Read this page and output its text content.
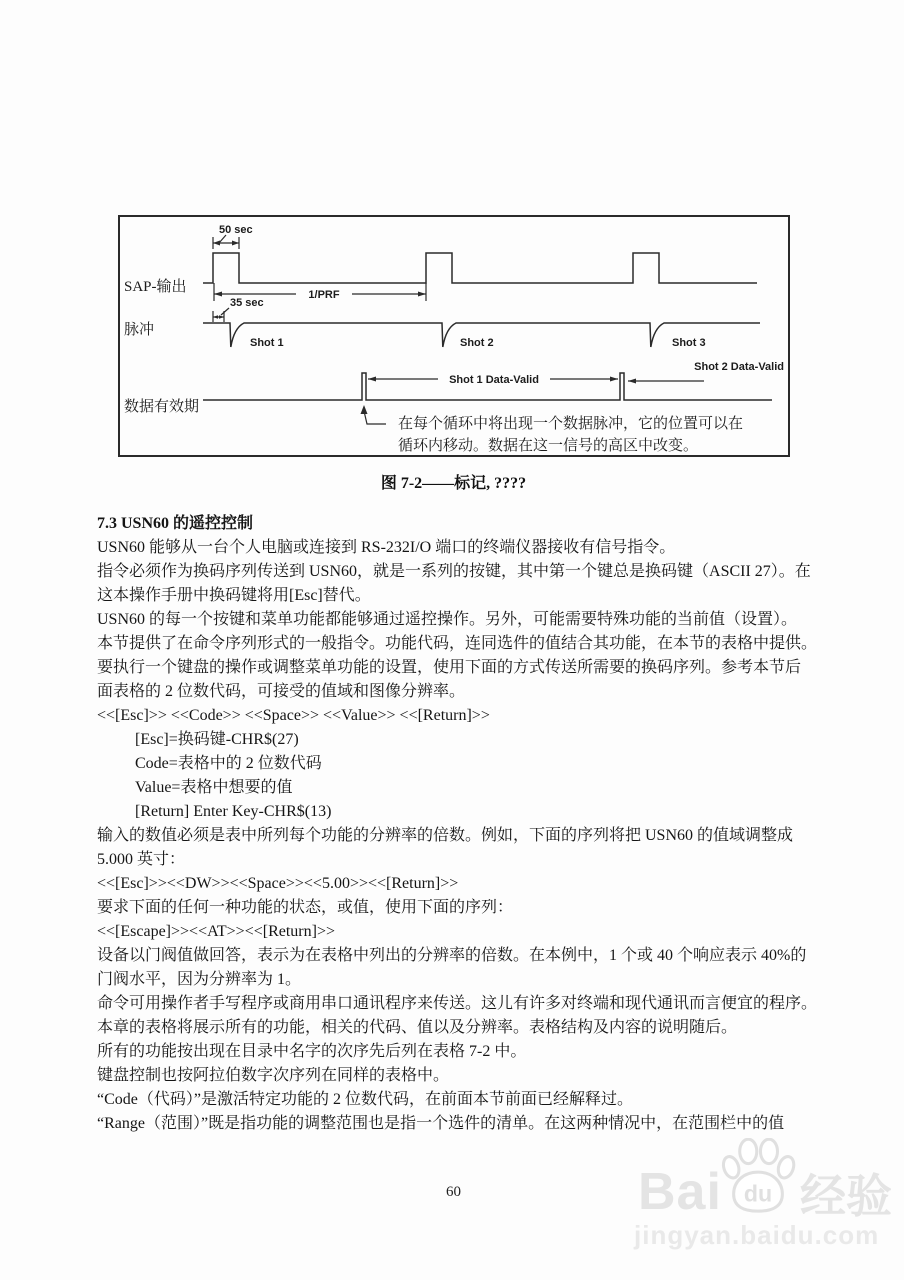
SAP-输出
脉冲
数据有效期
50 sec
1/PRF
35 sec
Shot 1	Shot 2	Shot 3
Shot 1 Data-Valid
Shot 2 Data-Valid
在每个循环中将出现一个数据脉冲，它的位置可以在
循环内移动。数据在这一信号的高区中改变。
图 7-2——标记, ????

7.3 USN60 的遥控控制

USN60 能够从一台个人电脑或连接到 RS-232I/O 端口的终端仪器接收有信号指令。

指令必须作为换码序列传送到 USN60，就是一系列的按键，其中第一个键总是换码键（ASCII 27）。在

这本操作手册中换码键将用[Esc]替代。

USN60 的每一个按键和菜单功能都能够通过遥控操作。另外，可能需要特殊功能的当前值（设置）。

本节提供了在命令序列形式的一般指令。功能代码，连同选件的值结合其功能，在本节的表格中提供。

要执行一个键盘的操作或调整菜单功能的设置，使用下面的方式传送所需要的换码序列。参考本节后

面表格的 2 位数代码，可接受的值域和图像分辨率。

<<[Esc]>> <<Code>> <<Space>> <<Value>> <<[Return]>>

[Esc]=换码键-CHR$(27)

Code=表格中的 2 位数代码

Value=表格中想要的值

[Return] Enter Key-CHR$(13)

输入的数值必须是表中所列每个功能的分辨率的倍数。例如，下面的序列将把 USN60 的值域调整成

5.000 英寸：

<<[Esc]>><<DW>><<Space>><<5.00>><<[Return]>>

要求下面的任何一种功能的状态，或值，使用下面的序列：

<<[Escape]>><<AT>><<[Return]>>

设备以门阀值做回答，表示为在表格中列出的分辨率的倍数。在本例中，1 个或 40 个响应表示 40%的

门阀水平，因为分辨率为 1。

命令可用操作者手写程序或商用串口通讯程序来传送。这儿有许多对终端和现代通讯而言便宜的程序。

本章的表格将展示所有的功能，相关的代码、值以及分辨率。表格结构及内容的说明随后。

所有的功能按出现在目录中名字的次序先后列在表格 7-2 中。

键盘控制也按阿拉伯数字次序列在同样的表格中。

“Code（代码）”是激活特定功能的 2 位数代码，在前面本节前面已经解释过。

“Range（范围）”既是指功能的调整范围也是指一个选件的清单。在这两种情况中，在范围栏中的值

60	Bai du 经验
jingyan.baidu.com
